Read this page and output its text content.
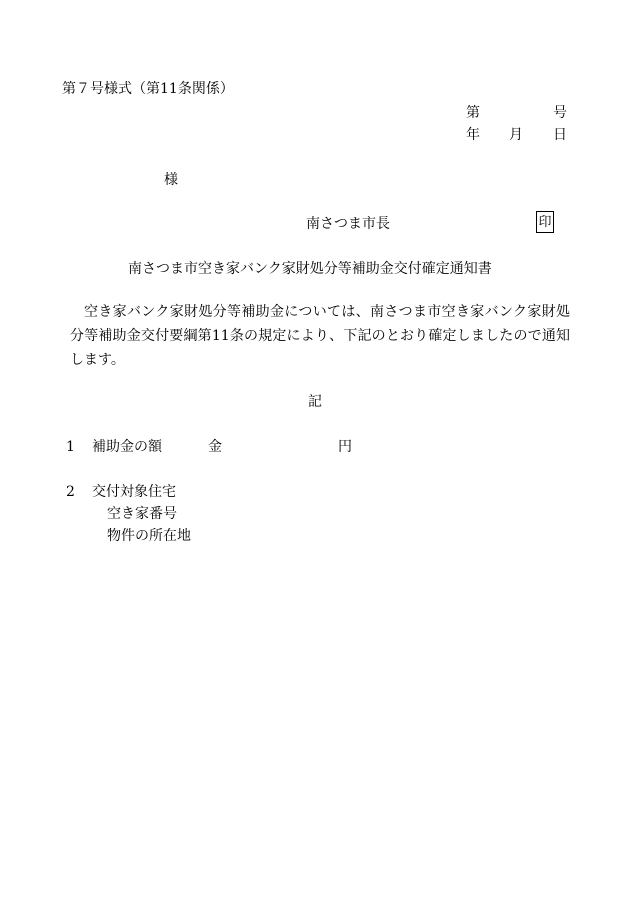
第７号様式（第11条関係）
第	号
年 月 日
様
南さつま市長	印
南さつま市空き家バンク家財処分等補助金交付確定通知書

空き家バンク家財処分等補助金については、南さつま市空き家バンク家財処分等補助金交付要綱第11条の規定により、下記のとおり確定しましたので通知します。

記
1 補助金の額	金	円
2 交付対象住宅
空き家番号
物件の所在地
